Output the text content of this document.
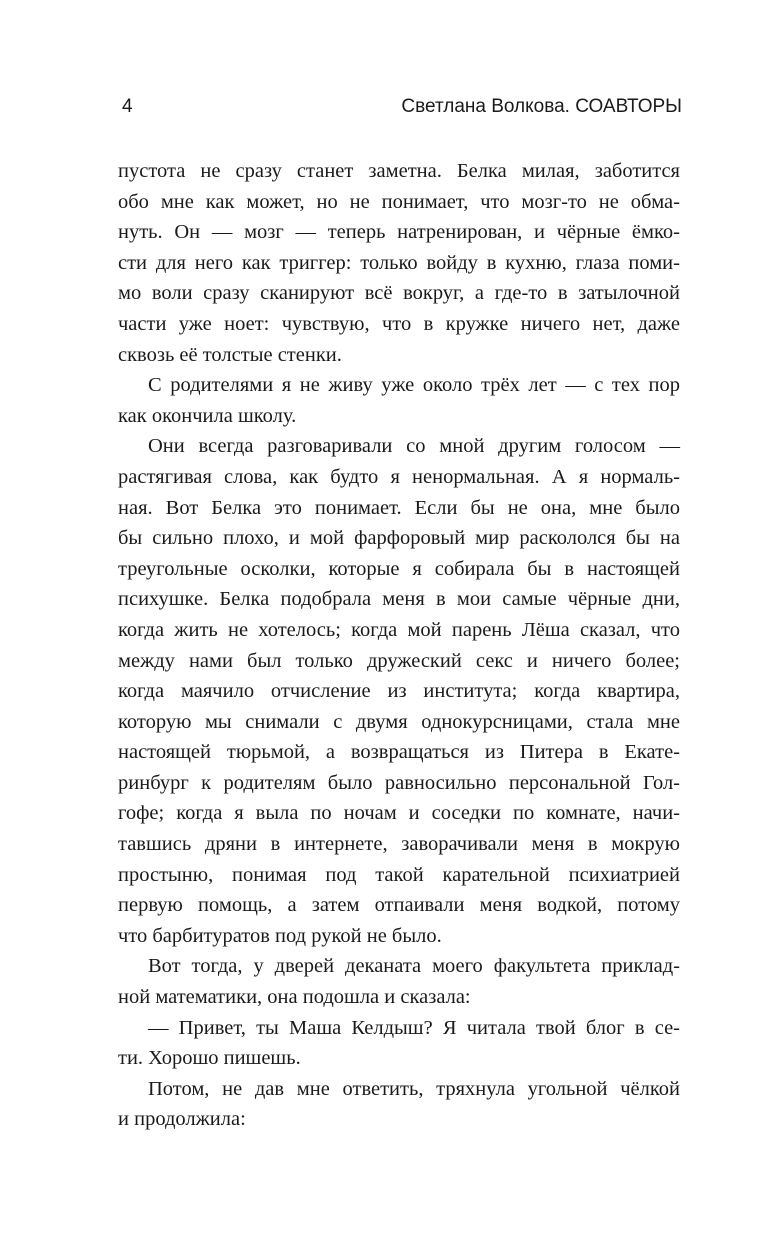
4	Светлана Волкова. СОАВТОРЫ
пустота не сразу станет заметна. Белка милая, заботится
обо мне как может, но не понимает, что мозг-то не обма-
нуть. Он — мозг — теперь натренирован, и чёрные ёмко-
сти для него как триггер: только войду в кухню, глаза поми-
мо воли сразу сканируют всё вокруг, а где-то в затылочной
части уже ноет: чувствую, что в кружке ничего нет, даже
сквозь её толстые стенки.
С родителями я не живу уже около трёх лет — с тех пор
как окончила школу.
Они всегда разговаривали со мной другим голосом —
растягивая слова, как будто я ненормальная. А я нормаль-
ная. Вот Белка это понимает. Если бы не она, мне было
бы сильно плохо, и мой фарфоровый мир раскололся бы на
треугольные осколки, которые я собирала бы в настоящей
психушке. Белка подобрала меня в мои самые чёрные дни,
когда жить не хотелось; когда мой парень Лёша сказал, что
между нами был только дружеский секс и ничего более;
когда маячило отчисление из института; когда квартира,
которую мы снимали с двумя однокурсницами, стала мне
настоящей тюрьмой, а возвращаться из Питера в Екате-
ринбург к родителям было равносильно персональной Гол-
гофе; когда я выла по ночам и соседки по комнате, начи-
тавшись дряни в интернете, заворачивали меня в мокрую
простыню, понимая под такой карательной психиатрией
первую помощь, а затем отпаивали меня водкой, потому
что барбитуратов под рукой не было.
Вот тогда, у дверей деканата моего факультета приклад-
ной математики, она подошла и сказала:
— Привет, ты Маша Келдыш? Я читала твой блог в се-
ти. Хорошо пишешь.
Потом, не дав мне ответить, тряхнула угольной чёлкой
и продолжила:
